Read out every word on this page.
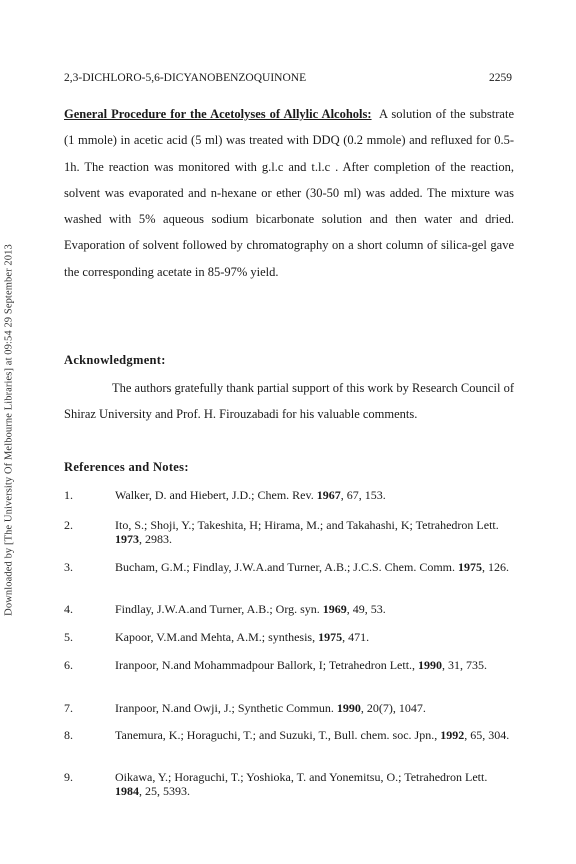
Downloaded by [The University Of Melbourne Libraries] at 09:54 29 September 2013
2,3-DICHLORO-5,6-DICYANOBENZOQUINONE	2259
General Procedure for the Acetolyses of Allylic Alcohols: A solution of the substrate (1 mmole) in acetic acid (5 ml) was treated with DDQ (0.2 mmole) and refluxed for 0.5-1h. The reaction was monitored with g.l.c and t.l.c . After completion of the reaction, solvent was evaporated and n-hexane or ether (30-50 ml) was added. The mixture was washed with 5% aqueous sodium bicarbonate solution and then water and dried. Evaporation of solvent followed by chromatography on a short column of silica-gel gave the corresponding acetate in 85-97% yield.
Acknowledgment:
The authors gratefully thank partial support of this work by Research Council of Shiraz University and Prof. H. Firouzabadi for his valuable comments.
References and Notes:
1.	Walker, D. and Hiebert, J.D.; Chem. Rev. 1967, 67, 153.
2.	Ito, S.; Shoji, Y.; Takeshita, H; Hirama, M.; and Takahashi, K; Tetrahedron Lett. 1973, 2983.
3.	Bucham, G.M.; Findlay, J.W.A.and Turner, A.B.; J.C.S. Chem. Comm. 1975, 126.
4.	Findlay, J.W.A.and Turner, A.B.; Org. syn. 1969, 49, 53.
5.	Kapoor, V.M.and Mehta, A.M.; synthesis, 1975, 471.
6.	Iranpoor, N.and Mohammadpour Ballork, I; Tetrahedron Lett., 1990, 31, 735.
7.	Iranpoor, N.and Owji, J.; Synthetic Commun. 1990, 20(7), 1047.
8.	Tanemura, K.; Horaguchi, T.; and Suzuki, T., Bull. chem. soc. Jpn., 1992, 65, 304.
9.	Oikawa, Y.; Horaguchi, T.; Yoshioka, T. and Yonemitsu, O.; Tetrahedron Lett. 1984, 25, 5393.
